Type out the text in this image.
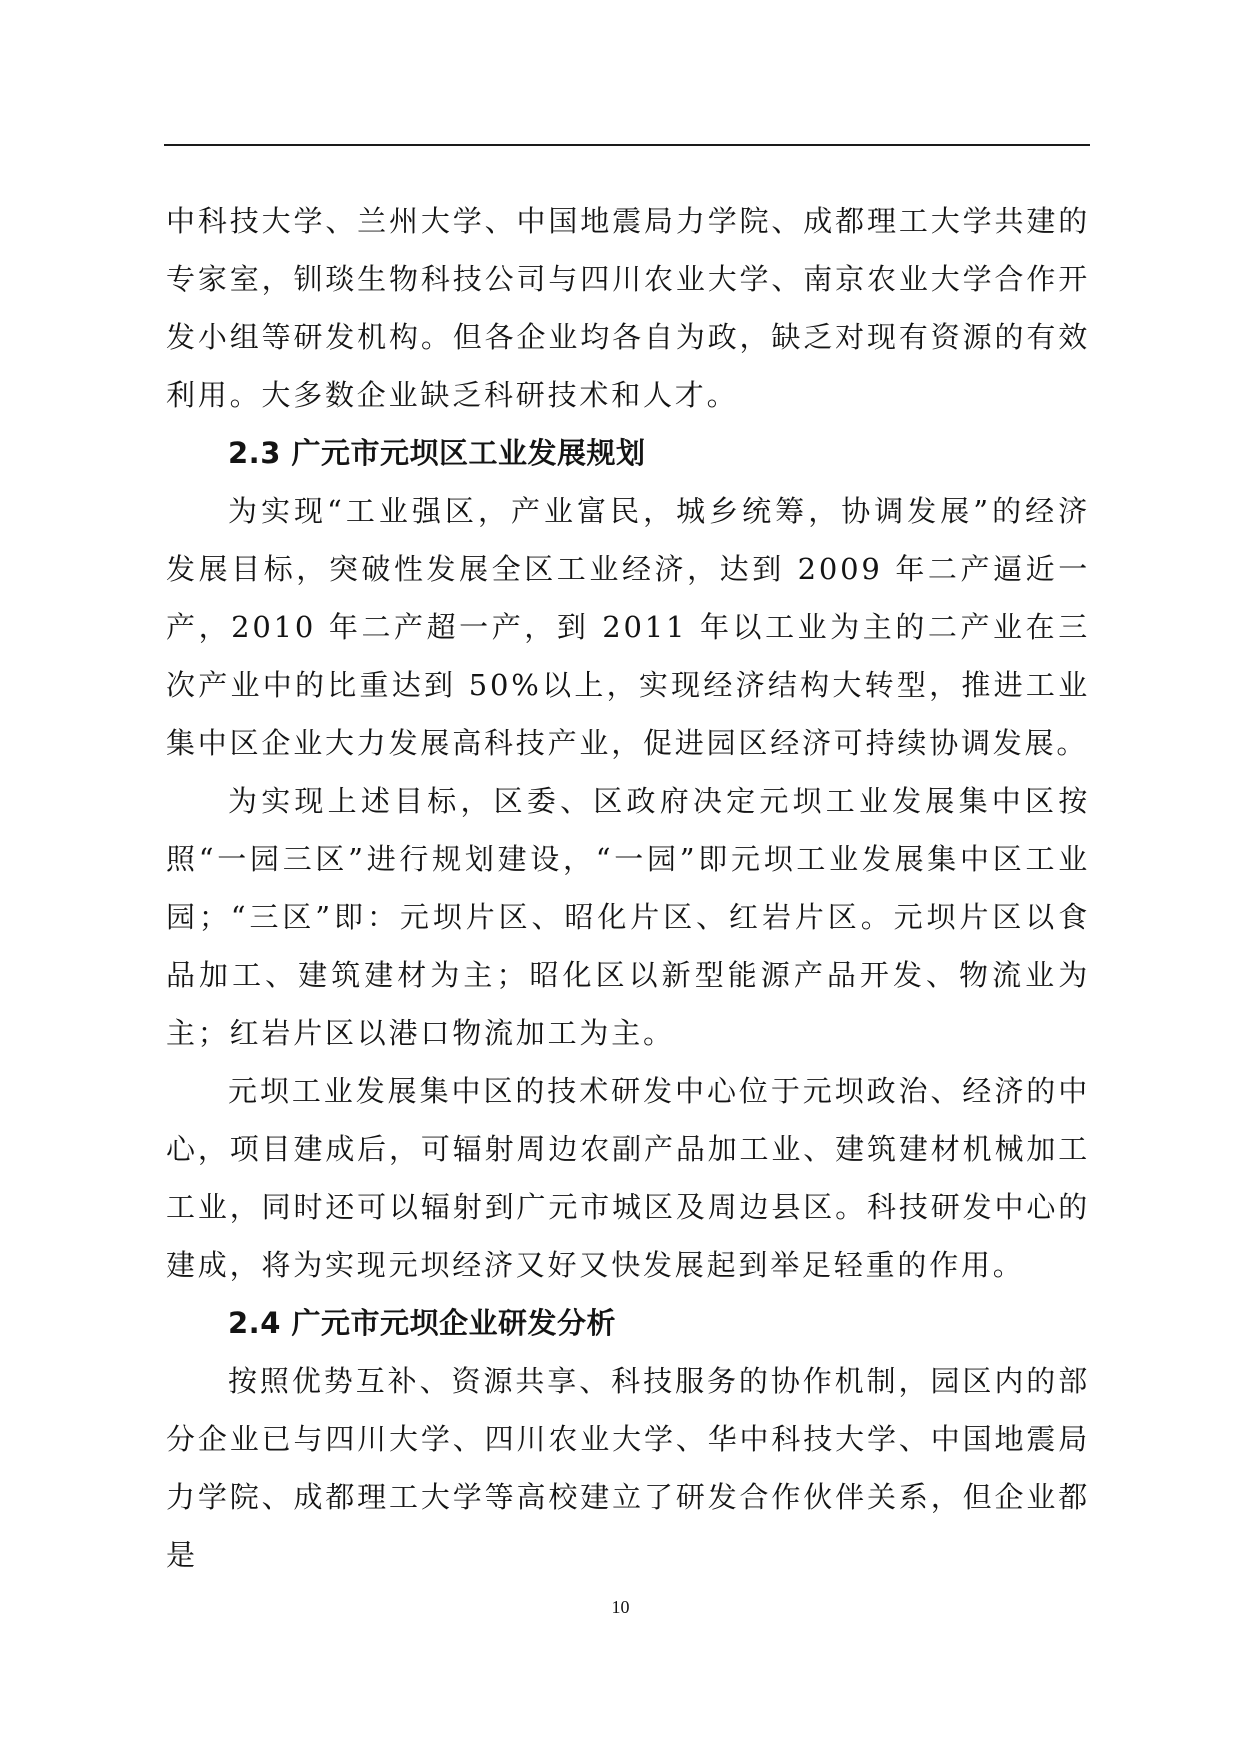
中科技大学、兰州大学、中国地震局力学院、成都理工大学共建的专家室，钏琰生物科技公司与四川农业大学、南京农业大学合作开发小组等研发机构。但各企业均各自为政，缺乏对现有资源的有效利用。大多数企业缺乏科研技术和人才。

2.3 广元市元坝区工业发展规划

为实现“工业强区，产业富民，城乡统筹，协调发展”的经济发展目标，突破性发展全区工业经济，达到 2009 年二产逼近一产，2010 年二产超一产，到 2011 年以工业为主的二产业在三次产业中的比重达到 50%以上，实现经济结构大转型，推进工业集中区企业大力发展高科技产业，促进园区经济可持续协调发展。

为实现上述目标，区委、区政府决定元坝工业发展集中区按照“一园三区”进行规划建设，“一园”即元坝工业发展集中区工业园；“三区”即：元坝片区、昭化片区、红岩片区。元坝片区以食品加工、建筑建材为主；昭化区以新型能源产品开发、物流业为主；红岩片区以港口物流加工为主。

元坝工业发展集中区的技术研发中心位于元坝政治、经济的中心，项目建成后，可辐射周边农副产品加工业、建筑建材机械加工工业，同时还可以辐射到广元市城区及周边县区。科技研发中心的建成，将为实现元坝经济又好又快发展起到举足轻重的作用。

2.4 广元市元坝企业研发分析

按照优势互补、资源共享、科技服务的协作机制，园区内的部分企业已与四川大学、四川农业大学、华中科技大学、中国地震局力学院、成都理工大学等高校建立了研发合作伙伴关系，但企业都是

10
